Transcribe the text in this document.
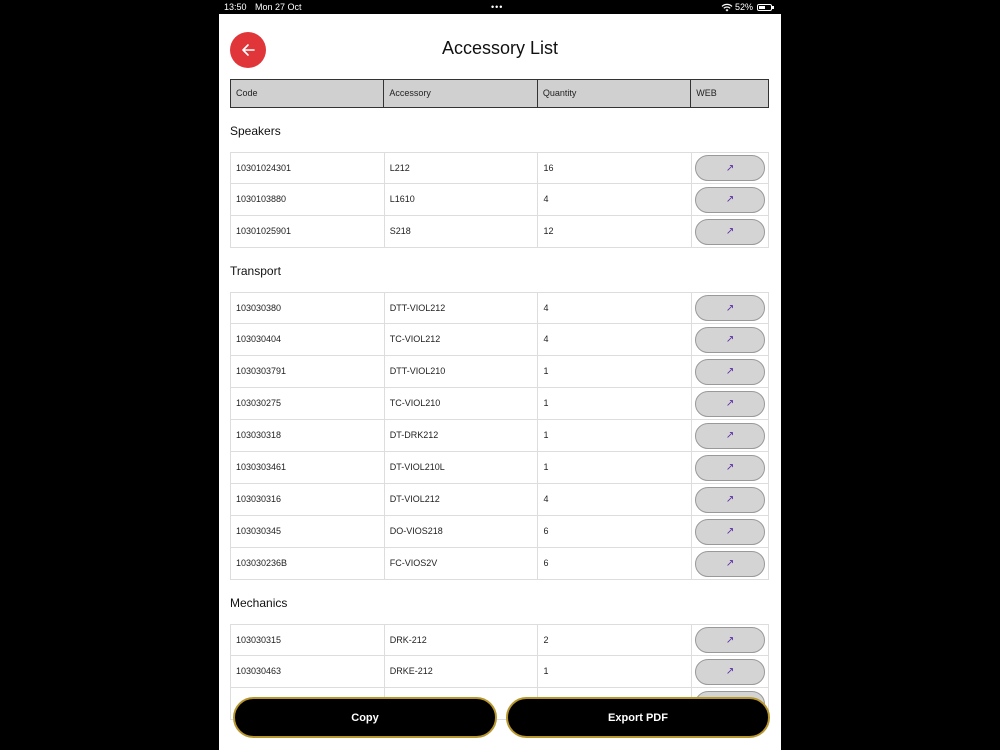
13:50 Mon 27 Oct	•••	52%
Accessory List
Code	Accessory	Quantity	WEB
Speakers
10301024301	L212	16	↗
1030103880	L1610	4	↗
10301025901	S218	12	↗
Transport
103030380	DTT-VIOL212	4	↗
103030404	TC-VIOL212	4	↗
1030303791	DTT-VIOL210	1	↗
103030275	TC-VIOL210	1	↗
103030318	DT-DRK212	1	↗
1030303461	DT-VIOL210L	1	↗
103030316	DT-VIOL212	4	↗
103030345	DO-VIOS218	6	↗
103030236B	FC-VIOS2V	6	↗
Mechanics
103030315	DRK-212	2	↗
103030463	DRKE-212	1	↗
Copy	Export PDF
